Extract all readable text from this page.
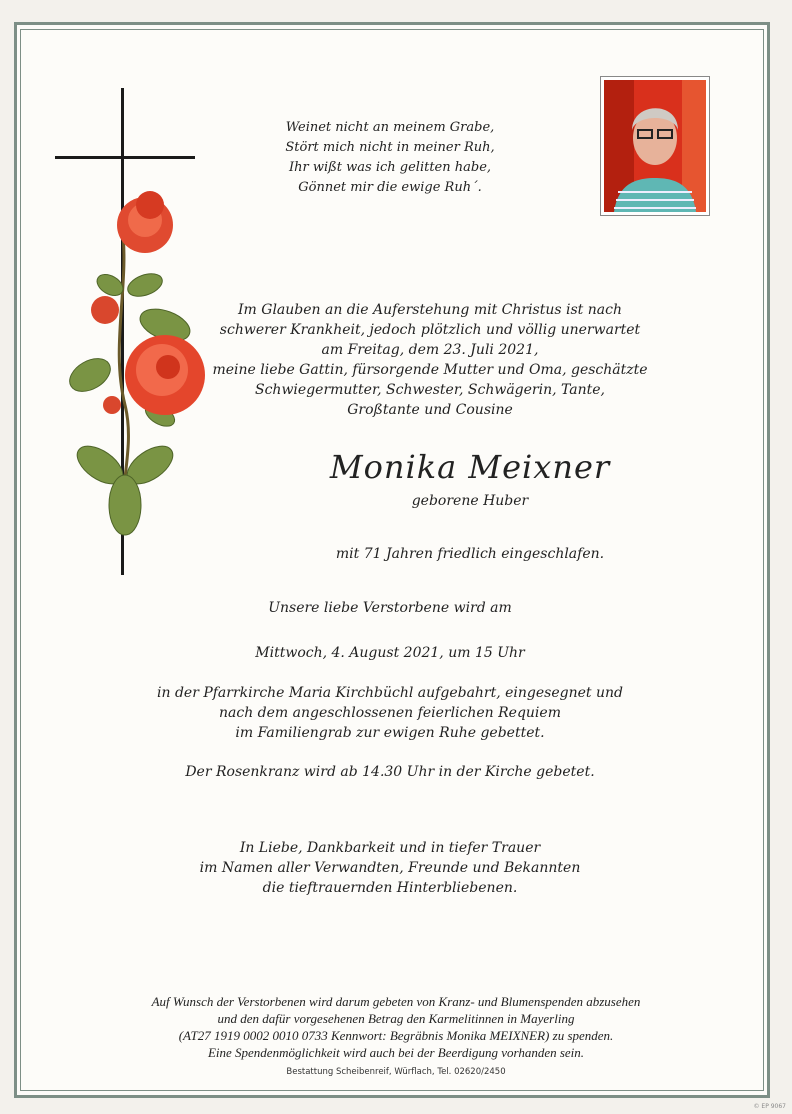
Weinet nicht an meinem Grabe,
Stört mich nicht in meiner Ruh,
Ihr wißt was ich gelitten habe,
Gönnet mir die ewige Ruh´.
Im Glauben an die Auferstehung mit Christus ist nach
schwerer Krankheit, jedoch plötzlich und völlig unerwartet
am Freitag, dem 23. Juli 2021,
meine liebe Gattin, fürsorgende Mutter und Oma, geschätzte
Schwiegermutter, Schwester, Schwägerin, Tante,
Großtante und Cousine
Monika Meixner
geborene Huber
mit 71 Jahren friedlich eingeschlafen.
Unsere liebe Verstorbene wird am
Mittwoch, 4. August 2021, um 15 Uhr
in der Pfarrkirche Maria Kirchbüchl aufgebahrt, eingesegnet und
nach dem angeschlossenen feierlichen Requiem
im Familiengrab zur ewigen Ruhe gebettet.
Der Rosenkranz wird ab 14.30 Uhr in der Kirche gebetet.
In Liebe, Dankbarkeit und in tiefer Trauer
im Namen aller Verwandten, Freunde und Bekannten
die tieftrauernden Hinterbliebenen.
Auf Wunsch der Verstorbenen wird darum gebeten von Kranz- und Blumenspenden abzusehen
und den dafür vorgesehenen Betrag den Karmelitinnen in Mayerling
(AT27 1919 0002 0010 0733 Kennwort: Begräbnis Monika MEIXNER) zu spenden.
Eine Spendenmöglichkeit wird auch bei der Beerdigung vorhanden sein.
Bestattung Scheibenreif, Würflach, Tel. 02620/2450
© EP 9067
